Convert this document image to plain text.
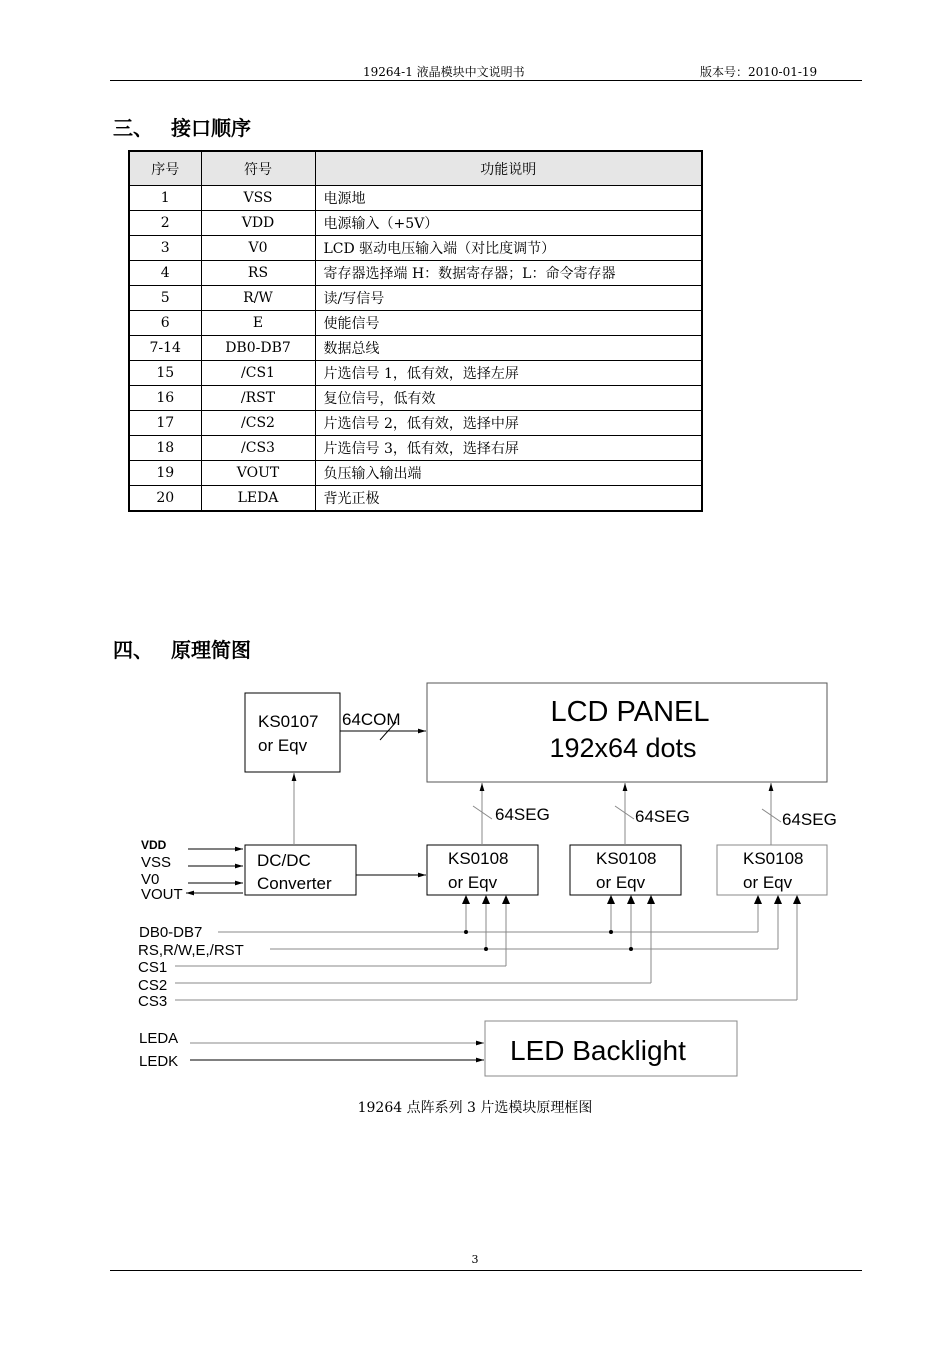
19264-1 液晶模块中文说明书	版本号：2010-01-19
三、 接口顺序
序号	符号	功能说明
1	VSS	电源地
2	VDD	电源输入（+5V）
3	V0	LCD 驱动电压输入端（对比度调节）
4	RS	寄存器选择端 H：数据寄存器；L：命令寄存器
5	R/W	读/写信号
6	E	使能信号
7-14	DB0-DB7	数据总线
15	/CS1	片选信号 1，低有效，选择左屏
16	/RST	复位信号，低有效
17	/CS2	片选信号 2，低有效，选择中屏
18	/CS3	片选信号 3，低有效，选择右屏
19	VOUT	负压输入输出端
20	LEDA	背光正极
四、 原理简图
LCD PANEL
192x64 dots
KS0107
or Eqv
64COM
DC/DC
Converter
VDD
VSS
V0
VOUT
KS0108
or Eqv
KS0108
or Eqv
KS0108
or Eqv
64SEG	64SEG	64SEG
DB0-DB7
RS,R/W,E,/RST
CS1
CS2
CS3
LED Backlight
LEDA
LEDK
19264 点阵系列 3 片选模块原理框图
3
